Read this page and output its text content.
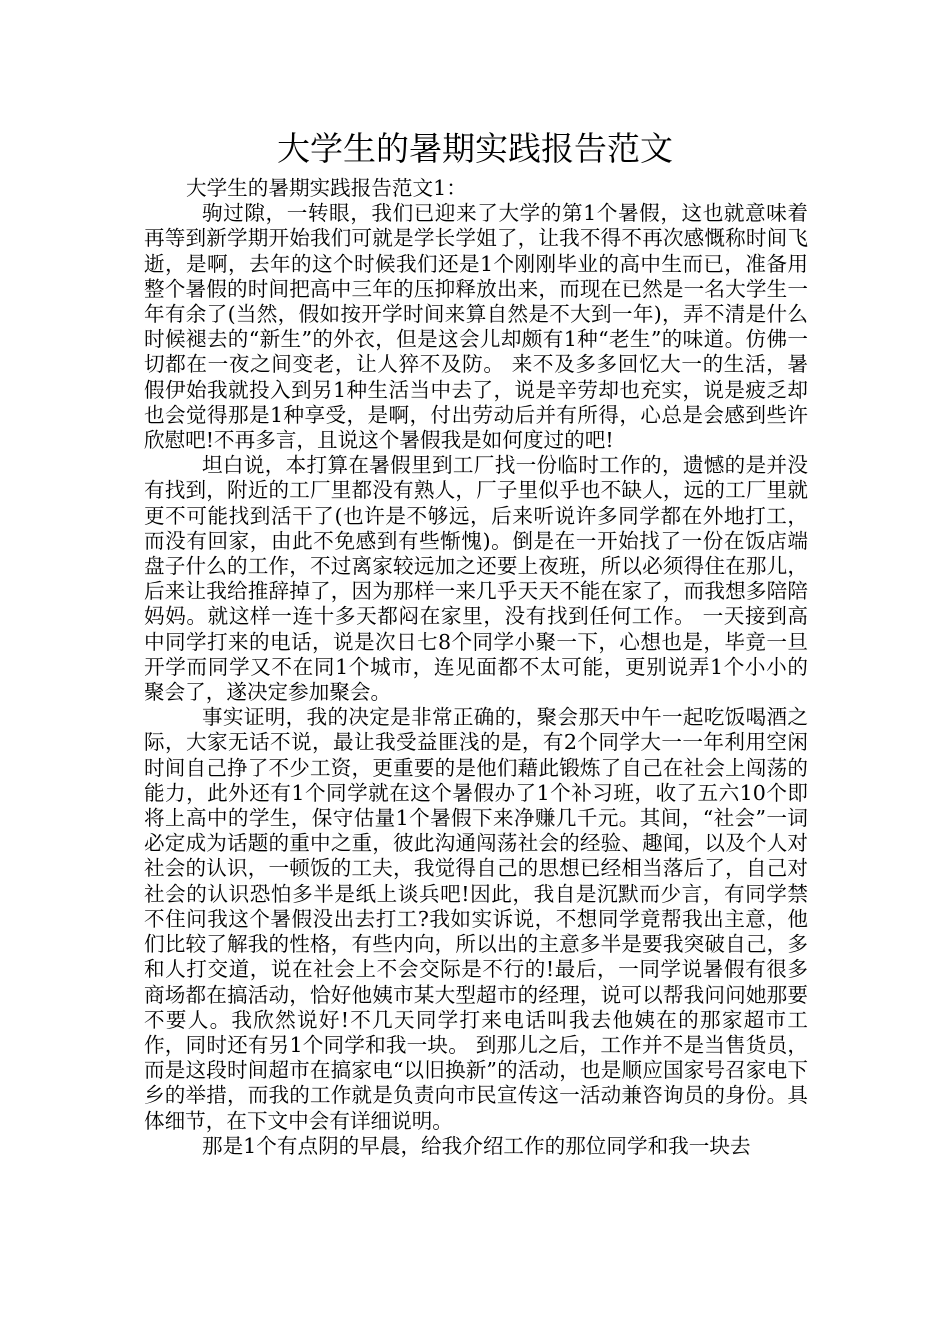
大学生的暑期实践报告范文

大学生的暑期实践报告范文1：

驹过隙，一转眼，我们已迎来了大学的第1个暑假，这也就意味着再等到新学期开始我们可就是学长学姐了，让我不得不再次感慨称时间飞逝，是啊，去年的这个时候我们还是1个刚刚毕业的高中生而已，准备用整个暑假的时间把高中三年的压抑释放出来，而现在已然是一名大学生一年有余了(当然，假如按开学时间来算自然是不大到一年)，弄不清是什么时候褪去的“新生”的外衣，但是这会儿却颇有1种“老生”的味道。仿佛一切都在一夜之间变老，让人猝不及防。 来不及多多回忆大一的生活，暑假伊始我就投入到另1种生活当中去了，说是辛劳却也充实，说是疲乏却也会觉得那是1种享受，是啊，付出劳动后并有所得，心总是会感到些许欣慰吧!不再多言，且说这个暑假我是如何度过的吧!

坦白说，本打算在暑假里到工厂找一份临时工作的，遗憾的是并没有找到，附近的工厂里都没有熟人，厂子里似乎也不缺人，远的工厂里就更不可能找到活干了(也许是不够远，后来听说许多同学都在外地打工，而没有回家，由此不免感到有些惭愧)。倒是在一开始找了一份在饭店端盘子什么的工作，不过离家较远加之还要上夜班，所以必须得住在那儿，后来让我给推辞掉了，因为那样一来几乎天天不能在家了，而我想多陪陪妈妈。就这样一连十多天都闷在家里，没有找到任何工作。 一天接到高中同学打来的电话，说是次日七8个同学小聚一下，心想也是，毕竟一旦开学而同学又不在同1个城市，连见面都不太可能，更别说弄1个小小的聚会了，遂决定参加聚会。

事实证明，我的决定是非常正确的，聚会那天中午一起吃饭喝酒之际，大家无话不说，最让我受益匪浅的是，有2个同学大一一年利用空闲时间自己挣了不少工资，更重要的是他们藉此锻炼了自己在社会上闯荡的能力，此外还有1个同学就在这个暑假办了1个补习班，收了五六10个即将上高中的学生，保守估量1个暑假下来净赚几千元。其间，“社会”一词必定成为话题的重中之重，彼此沟通闯荡社会的经验、趣闻，以及个人对社会的认识，一顿饭的工夫，我觉得自己的思想已经相当落后了，自己对社会的认识恐怕多半是纸上谈兵吧!因此，我自是沉默而少言，有同学禁不住问我这个暑假没出去打工?我如实诉说，不想同学竟帮我出主意，他们比较了解我的性格，有些内向，所以出的主意多半是要我突破自己，多和人打交道，说在社会上不会交际是不行的!最后，一同学说暑假有很多商场都在搞活动，恰好他姨市某大型超市的经理，说可以帮我问问她那要不要人。我欣然说好!不几天同学打来电话叫我去他姨在的那家超市工作，同时还有另1个同学和我一块。 到那儿之后，工作并不是当售货员，而是这段时间超市在搞家电“以旧换新”的活动，也是顺应国家号召家电下乡的举措，而我的工作就是负责向市民宣传这一活动兼咨询员的身份。具体细节，在下文中会有详细说明。

那是1个有点阴的早晨，给我介绍工作的那位同学和我一块去
